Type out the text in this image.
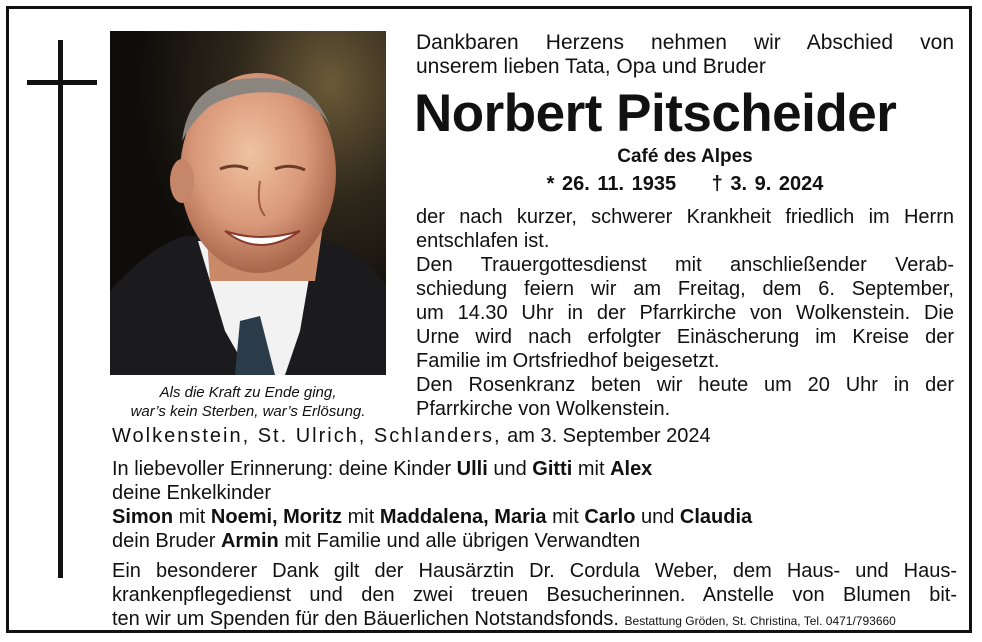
Als die Kraft zu Ende ging,
war’s kein Sterben, war’s Erlösung.
Dankbaren Herzens nehmen wir Abschied von
unserem lieben Tata, Opa und Bruder
Norbert Pitscheider
Café des Alpes
* 26. 11. 1935 † 3. 9. 2024
der nach kurzer, schwerer Krankheit friedlich im Herrn
entschlafen ist.
Den Trauergottesdienst mit anschließender Verab-
schiedung feiern wir am Freitag, dem 6. September,
um 14.30 Uhr in der Pfarrkirche von Wolkenstein. Die
Urne wird nach erfolgter Einäscherung im Kreise der
Familie im Ortsfriedhof beigesetzt.
Den Rosenkranz beten wir heute um 20 Uhr in der
Pfarrkirche von Wolkenstein.
Wolkenstein, St. Ulrich, Schlanders, am 3. September 2024
In liebevoller Erinnerung: deine Kinder Ulli und Gitti mit Alex
deine Enkelkinder
Simon mit Noemi, Moritz mit Maddalena, Maria mit Carlo und Claudia
dein Bruder Armin mit Familie und alle übrigen Verwandten
Ein besonderer Dank gilt der Hausärztin Dr. Cordula Weber, dem Haus- und Haus-
krankenpflegedienst und den zwei treuen Besucherinnen. Anstelle von Blumen bit-
ten wir um Spenden für den Bäuerlichen Notstandsfonds. Bestattung Gröden, St. Christina, Tel. 0471/793660
